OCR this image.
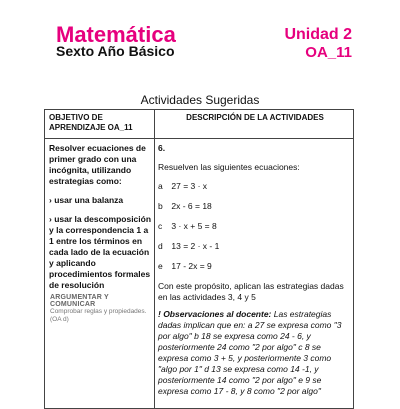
Matemática
Sexto Año Básico
Unidad 2
OA_11
Actividades Sugeridas
OBJETIVO DE APRENDIZAJE OA_11
DESCRIPCIÓN DE LA ACTIVIDADES

Resolver ecuaciones de primer grado con una incógnita, utilizando estrategias como:

› usar una balanza

› usar la descomposición y la correspondencia 1 a 1 entre los términos en cada lado de la ecuación y aplicando procedimientos formales de resolución

ARGUMENTAR Y COMUNICAR
Comprobar reglas y propiedades. (OA d)
6.
Resuelven las siguientes ecuaciones:
a 27 = 3 · x
b 2x - 6 = 18
c 3 · x + 5 = 8
d 13 = 2 · x - 1
e 17 - 2x = 9
Con este propósito, aplican las estrategias dadas en las actividades 3, 4 y 5
! Observaciones al docente: Las estrategias dadas implican que en: a 27 se expresa como "3 por algo" b 18 se expresa como 24 - 6, y posteriormente 24 como "2 por algo" c 8 se expresa como 3 + 5, y posteriormente 3 como "algo por 1" d 13 se expresa como 14 -1, y posteriormente 14 como "2 por algo" e 9 se expresa como 17 - 8, y 8 como "2 por algo"
